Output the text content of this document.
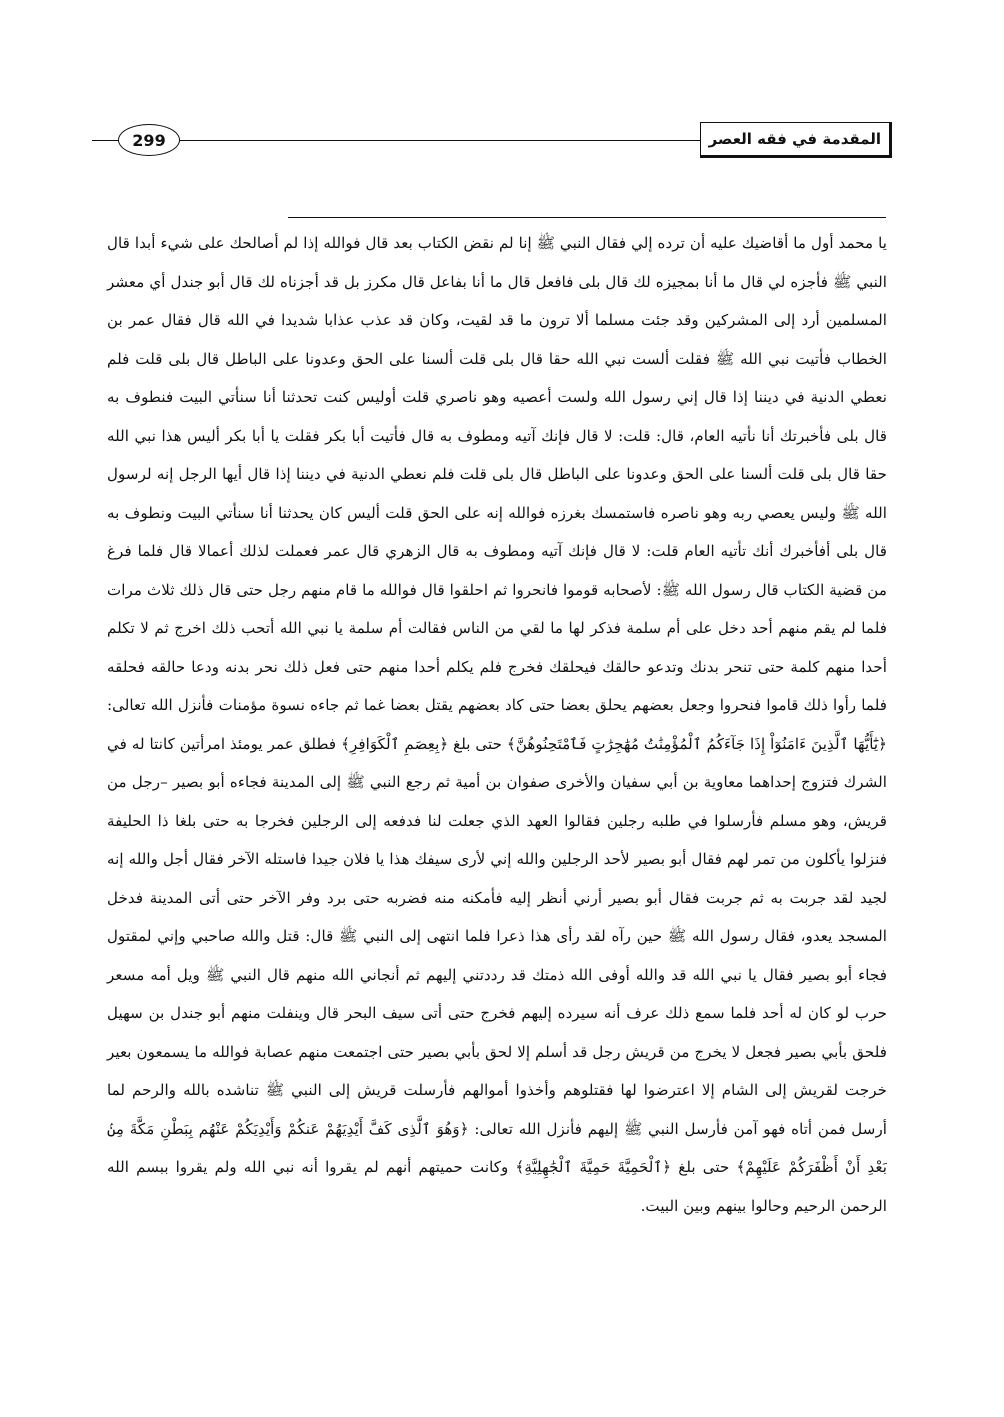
299	المقدمة في فقه العصر

يا محمد أول ما أقاضيك عليه أن ترده إلي فقال النبي ﷺ إنا لم نقض الكتاب بعد قال فوالله إذا لم أصالحك على شيء أبدا قال النبي ﷺ فأجزه لي قال ما أنا بمجيزه لك قال بلى فافعل قال ما أنا بفاعل قال مكرز بل قد أجزناه لك قال أبو جندل أي معشر المسلمين أرد إلى المشركين وقد جئت مسلما ألا ترون ما قد لقيت، وكان قد عذب عذابا شديدا في الله قال فقال عمر بن الخطاب فأتيت نبي الله ﷺ فقلت ألست نبي الله حقا قال بلى قلت ألسنا على الحق وعدونا على الباطل قال بلى قلت فلم نعطي الدنية في ديننا إذا قال إني رسول الله ولست أعصيه وهو ناصري قلت أوليس كنت تحدثنا أنا سنأتي البيت فنطوف به قال بلى فأخبرتك أنا نأتيه العام، قال: قلت: لا قال فإنك آتيه ومطوف به قال فأتيت أبا بكر فقلت يا أبا بكر أليس هذا نبي الله حقا قال بلى قلت ألسنا على الحق وعدونا على الباطل قال بلى قلت فلم نعطي الدنية في ديننا إذا قال أيها الرجل إنه لرسول الله ﷺ وليس يعصي ربه وهو ناصره فاستمسك بغرزه فوالله إنه على الحق قلت أليس كان يحدثنا أنا سنأتي البيت ونطوف به قال بلى أفأخبرك أنك تأتيه العام قلت: لا قال فإنك آتيه ومطوف به قال الزهري قال عمر فعملت لذلك أعمالا قال فلما فرغ من قضية الكتاب قال رسول الله ﷺ: لأصحابه قوموا فانحروا ثم احلقوا قال فوالله ما قام منهم رجل حتى قال ذلك ثلاث مرات فلما لم يقم منهم أحد دخل على أم سلمة فذكر لها ما لقي من الناس فقالت أم سلمة يا نبي الله أتحب ذلك اخرج ثم لا تكلم أحدا منهم كلمة حتى تنحر بدنك وتدعو حالقك فيحلقك فخرج فلم يكلم أحدا منهم حتى فعل ذلك نحر بدنه ودعا حالقه فحلقه فلما رأوا ذلك قاموا فنحروا وجعل بعضهم يحلق بعضا حتى كاد بعضهم يقتل بعضا غما ثم جاءه نسوة مؤمنات فأنزل الله تعالى: ﴿يَٰٓأَيُّهَا ٱلَّذِينَ ءَامَنُوٓاْ إِذَا جَآءَكُمُ ٱلْمُؤْمِنَٰتُ مُهَٰجِرَٰتٍ فَٱمْتَحِنُوهُنَّ﴾ حتى بلغ ﴿بِعِصَمِ ٱلْكَوَافِرِ﴾ فطلق عمر يومئذ امرأتين كانتا له في الشرك فتزوج إحداهما معاوية بن أبي سفيان والأخرى صفوان بن أمية ثم رجع النبي ﷺ إلى المدينة فجاءه أبو بصير –رجل من قريش، وهو مسلم فأرسلوا في طلبه رجلين فقالوا العهد الذي جعلت لنا فدفعه إلى الرجلين فخرجا به حتى بلغا ذا الحليفة فنزلوا يأكلون من تمر لهم فقال أبو بصير لأحد الرجلين والله إني لأرى سيفك هذا يا فلان جيدا فاستله الآخر فقال أجل والله إنه لجيد لقد جربت به ثم جربت فقال أبو بصير أرني أنظر إليه فأمكنه منه فضربه حتى برد وفر الآخر حتى أتى المدينة فدخل المسجد يعدو، فقال رسول الله ﷺ حين رآه لقد رأى هذا ذعرا فلما انتهى إلى النبي ﷺ قال: قتل والله صاحبي وإني لمقتول فجاء أبو بصير فقال يا نبي الله قد والله أوفى الله ذمتك قد رددتني إليهم ثم أنجاني الله منهم قال النبي ﷺ ويل أمه مسعر حرب لو كان له أحد فلما سمع ذلك عرف أنه سيرده إليهم فخرج حتى أتى سيف البحر قال وينفلت منهم أبو جندل بن سهيل فلحق بأبي بصير فجعل لا يخرج من قريش رجل قد أسلم إلا لحق بأبي بصير حتى اجتمعت منهم عصابة فوالله ما يسمعون بعير خرجت لقريش إلى الشام إلا اعترضوا لها فقتلوهم وأخذوا أموالهم فأرسلت قريش إلى النبي ﷺ تناشده بالله والرحم لما أرسل فمن أتاه فهو آمن فأرسل النبي ﷺ إليهم فأنزل الله تعالى: ﴿وَهُوَ ٱلَّذِى كَفَّ أَيْدِيَهُمْ عَنكُمْ وَأَيْدِيَكُمْ عَنْهُم بِبَطْنِ مَكَّةَ مِنۢ بَعْدِ أَنْ أَظْفَرَكُمْ عَلَيْهِمْ﴾ حتى بلغ ﴿ٱلْحَمِيَّةَ حَمِيَّةَ ٱلْجَٰهِلِيَّةِ﴾ وكانت حميتهم أنهم لم يقروا أنه نبي الله ولم يقروا ببسم الله الرحمن الرحيم وحالوا بينهم وبين البيت.
